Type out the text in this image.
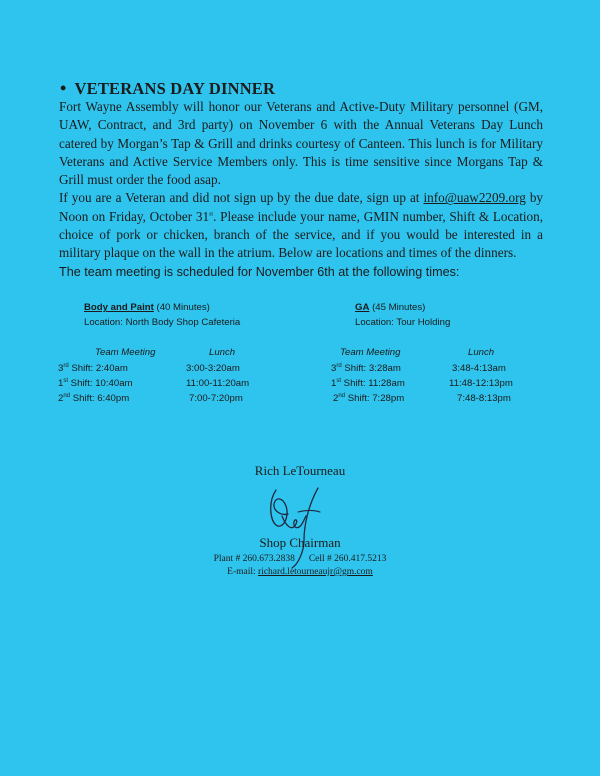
• VETERANS DAY DINNER

Fort Wayne Assembly will honor our Veterans and Active-Duty Military personnel (GM, UAW, Contract, and 3rd party) on November 6 with the Annual Veterans Day Lunch catered by Morgan’s Tap & Grill and drinks courtesy of Canteen. This lunch is for Military Veterans and Active Service Members only. This is time sensitive since Morgans Tap & Grill must order the food asap.

If you are a Veteran and did not sign up by the due date, sign up at info@uaw2209.org by Noon on Friday, October 31st. Please include your name, GMIN number, Shift & Location, choice of pork or chicken, branch of the service, and if you would be interested in a military plaque on the wall in the atrium. Below are locations and times of the dinners.

The team meeting is scheduled for November 6th at the following times:

Body and Paint (40 Minutes)
Location: North Body Shop Cafeteria
Team Meeting	Lunch
3rd Shift: 2:40am	3:00-3:20am
1st Shift: 10:40am	11:00-11:20am
2nd Shift: 6:40pm	7:00-7:20pm
GA (45 Minutes)
Location: Tour Holding
Team Meeting	Lunch
3rd Shift: 3:28am	3:48-4:13am
1st Shift: 11:28am	11:48-12:13pm
2nd Shift: 7:28pm	7:48-8:13pm
Rich LeTourneau
Shop Chairman
Plant # 260.673.2838 Cell # 260.417.5213
E-mail: richard.letourneaujr@gm.com
